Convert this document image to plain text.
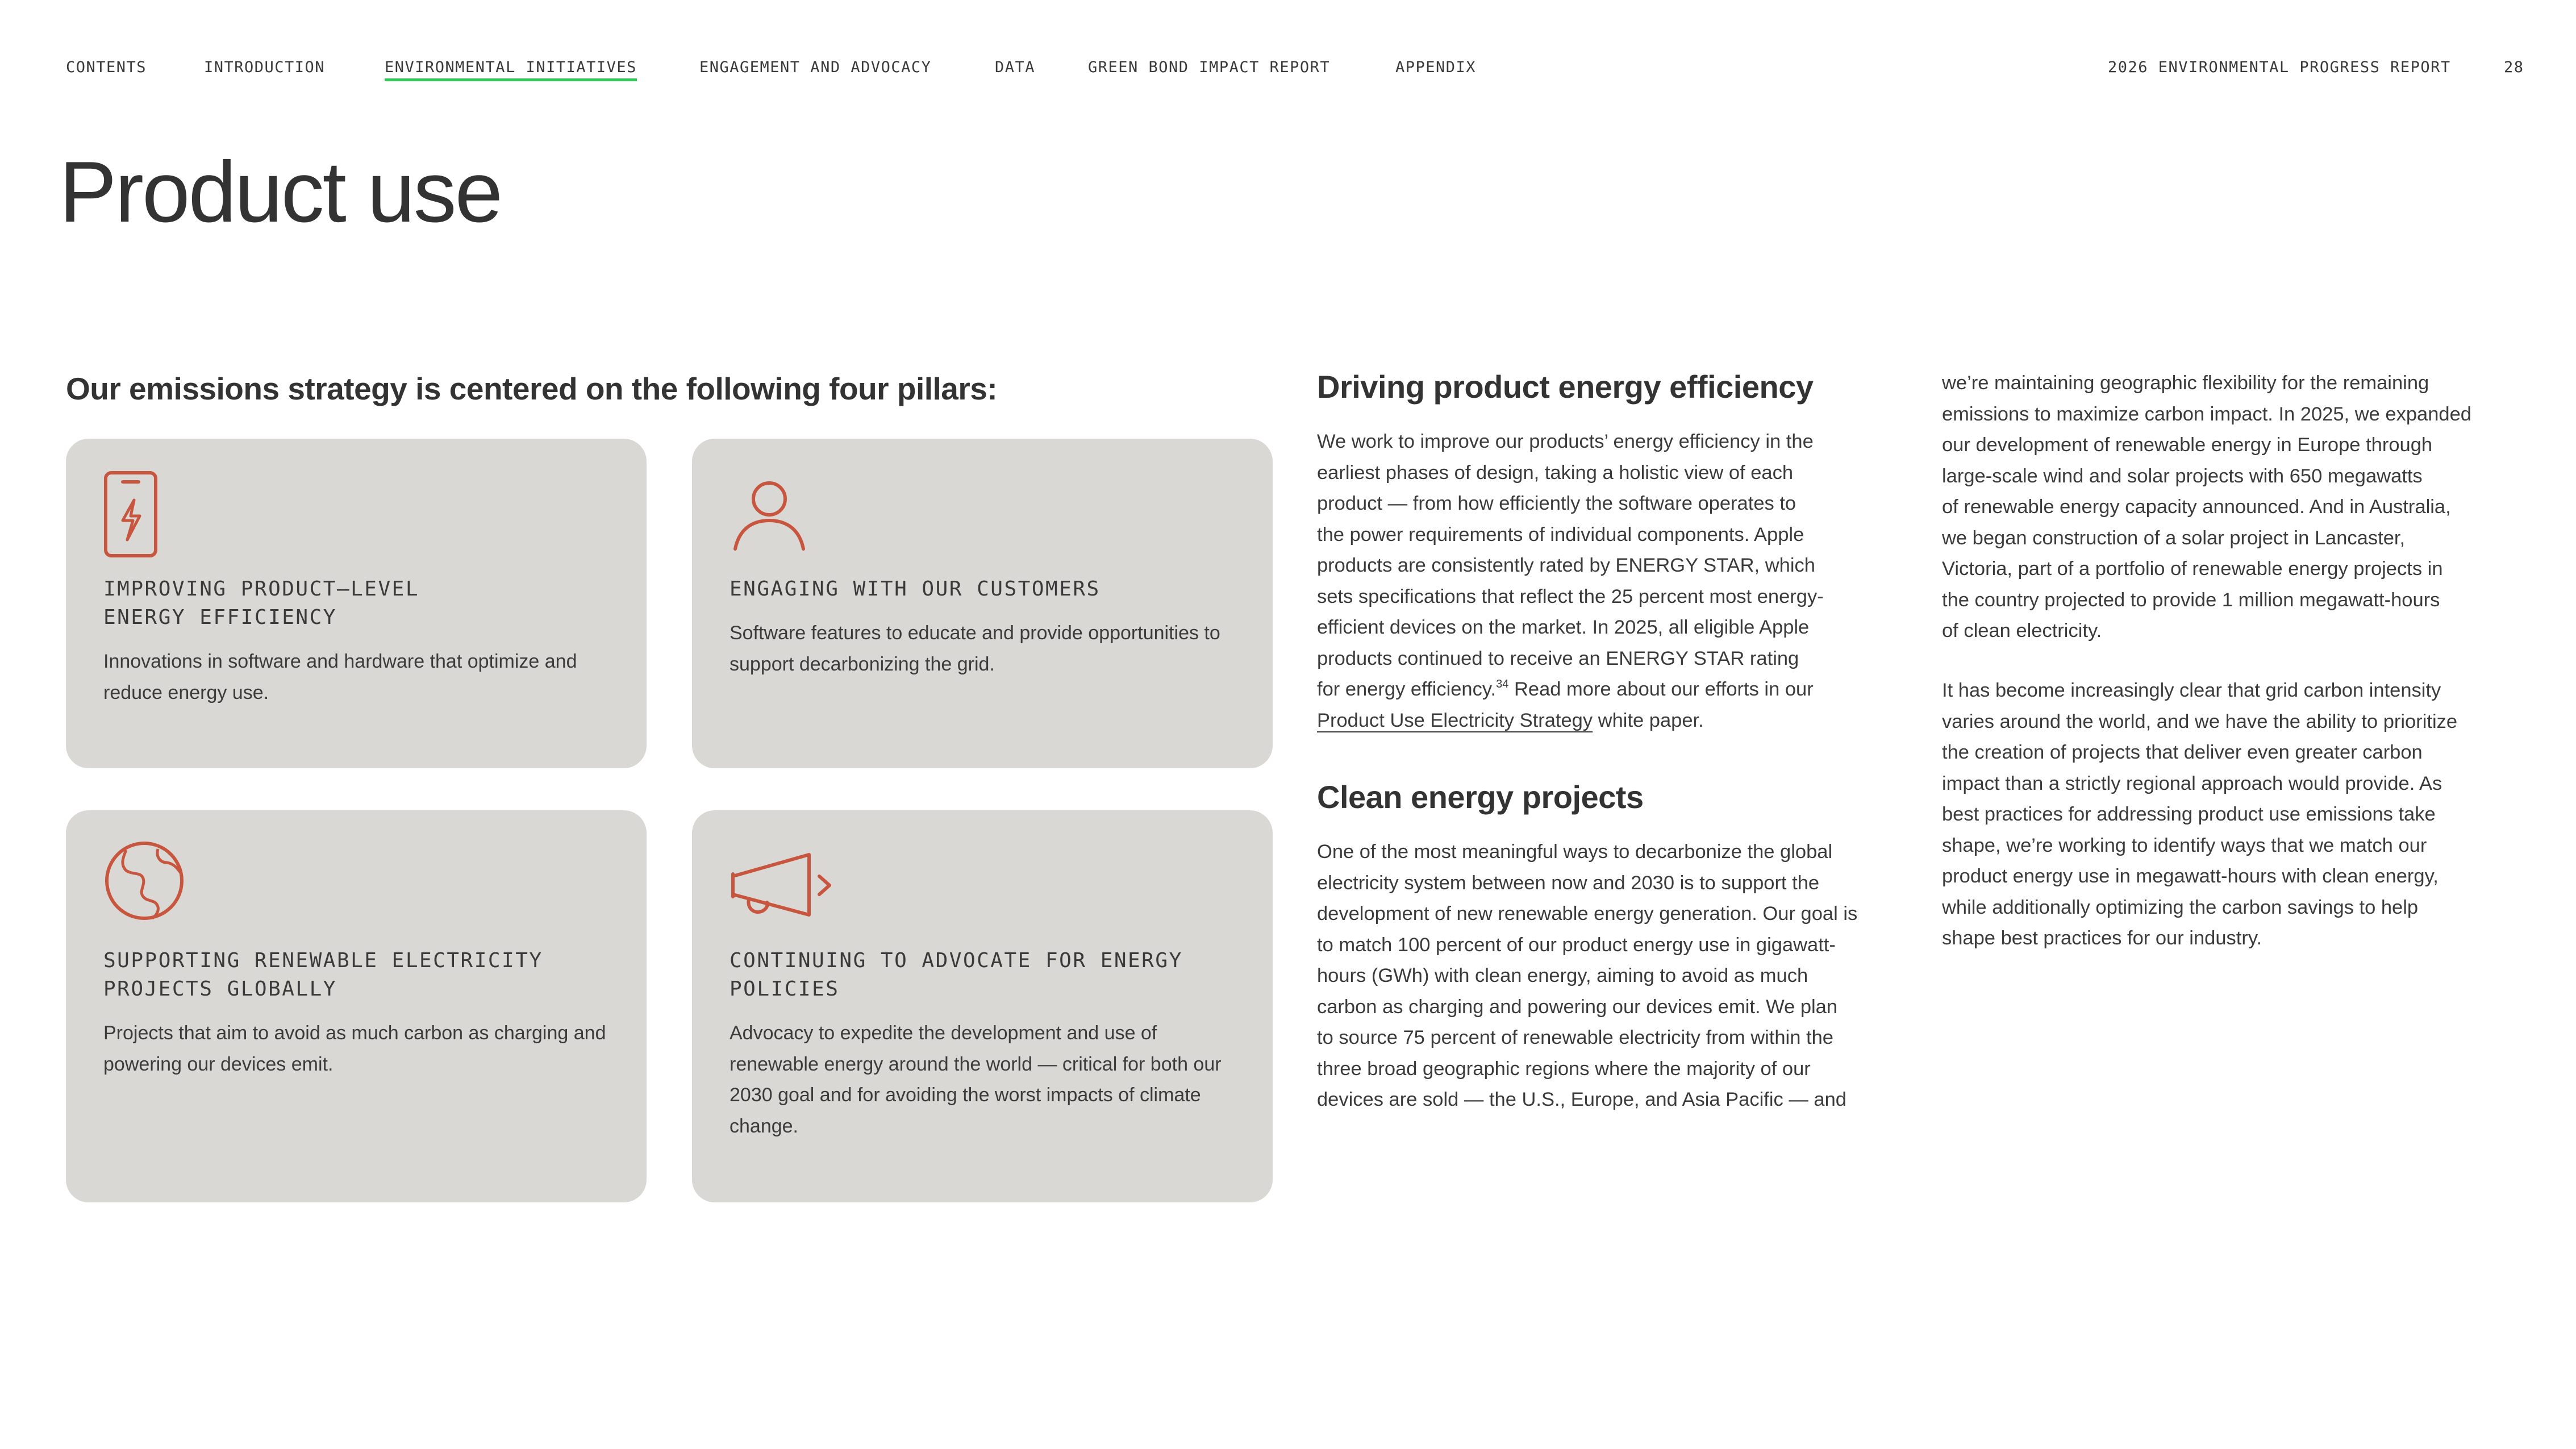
CONTENTS	INTRODUCTION	ENVIRONMENTAL INITIATIVES	ENGAGEMENT AND ADVOCACY	DATA	GREEN BOND IMPACT REPORT	APPENDIX	2026 ENVIRONMENTAL PROGRESS REPORT	28
Product use
Our emissions strategy is centered on the following four pillars:
IMPROVING PRODUCT–LEVEL
ENERGY EFFICIENCY
Innovations in software and hardware that optimize and reduce energy use.
ENGAGING WITH OUR CUSTOMERS
Software features to educate and provide opportunities to support decarbonizing the grid.
SUPPORTING RENEWABLE ELECTRICITY
PROJECTS GLOBALLY
Projects that aim to avoid as much carbon as charging and powering our devices emit.
CONTINUING TO ADVOCATE FOR ENERGY
POLICIES
Advocacy to expedite the development and use of renewable energy around the world — critical for both our 2030 goal and for avoiding the worst impacts of climate change.
Driving product energy efficiency
We work to improve our products’ energy efficiency in the
earliest phases of design, taking a holistic view of each
product — from how efficiently the software operates to
the power requirements of individual components. Apple
products are consistently rated by ENERGY STAR, which
sets specifications that reflect the 25 percent most energy-
efficient devices on the market. In 2025, all eligible Apple
products continued to receive an ENERGY STAR rating
for energy efficiency.$^{34}$ Read more about our efforts in our
Product Use Electricity Strategy white paper.
Clean energy projects
One of the most meaningful ways to decarbonize the global
electricity system between now and 2030 is to support the
development of new renewable energy generation. Our goal is
to match 100 percent of our product energy use in gigawatt-
hours (GWh) with clean energy, aiming to avoid as much
carbon as charging and powering our devices emit. We plan
to source 75 percent of renewable electricity from within the
three broad geographic regions where the majority of our
devices are sold — the U.S., Europe, and Asia Pacific — and
we’re maintaining geographic flexibility for the remaining
emissions to maximize carbon impact. In 2025, we expanded
our development of renewable energy in Europe through
large-scale wind and solar projects with 650 megawatts
of renewable energy capacity announced. And in Australia,
we began construction of a solar project in Lancaster,
Victoria, part of a portfolio of renewable energy projects in
the country projected to provide 1 million megawatt-hours
of clean electricity.
It has become increasingly clear that grid carbon intensity
varies around the world, and we have the ability to prioritize
the creation of projects that deliver even greater carbon
impact than a strictly regional approach would provide. As
best practices for addressing product use emissions take
shape, we’re working to identify ways that we match our
product energy use in megawatt-hours with clean energy,
while additionally optimizing the carbon savings to help
shape best practices for our industry.
